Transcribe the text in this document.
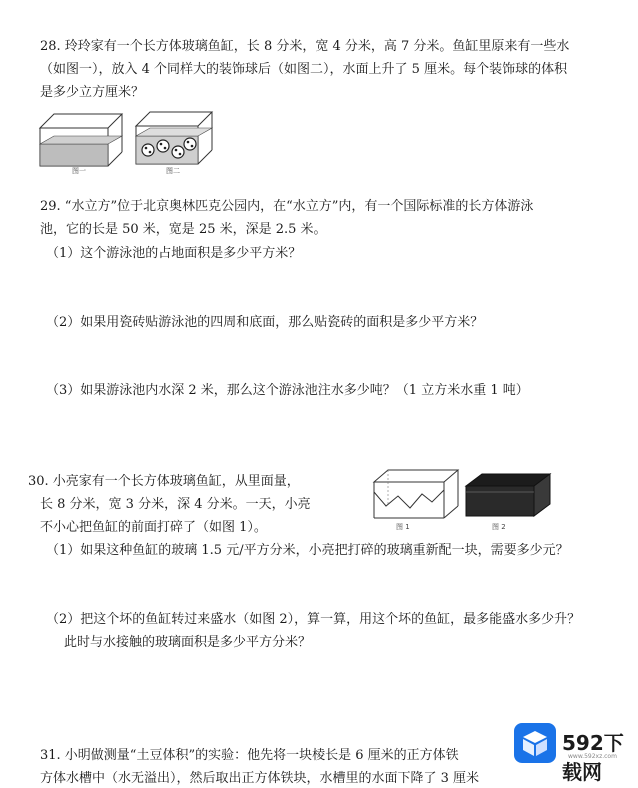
28. 玲玲家有一个长方体玻璃鱼缸，长 8 分米，宽 4 分米，高 7 分米。鱼缸里原来有一些水
（如图一），放入 4 个同样大的装饰球后（如图二），水面上升了 5 厘米。每个装饰球的体积
是多少立方厘米？
图一	图二
29. “水立方”位于北京奥林匹克公园内，在“水立方”内，有一个国际标准的长方体游泳
池，它的长是 50 米，宽是 25 米，深是 2.5 米。
（1）这个游泳池的占地面积是多少平方米？
（2）如果用瓷砖贴游泳池的四周和底面，那么贴瓷砖的面积是多少平方米？
（3）如果游泳池内水深 2 米，那么这个游泳池注水多少吨？（1 立方米水重 1 吨）
30. 小亮家有一个长方体玻璃鱼缸，从里面量，
长 8 分米，宽 3 分米，深 4 分米。一天，小亮
不小心把鱼缸的前面打碎了（如图 1）。	图 1	图 2
（1）如果这种鱼缸的玻璃 1.5 元/平方分米，小亮把打碎的玻璃重新配一块，需要多少元？
（2）把这个坏的鱼缸转过来盛水（如图 2），算一算，用这个坏的鱼缸，最多能盛水多少升？
此时与水接触的玻璃面积是多少平方分米？
31. 小明做测量“土豆体积”的实验：他先将一块棱长是 6 厘米的正方体铁
方体水槽中（水无溢出），然后取出正方体铁块，水槽里的水面下降了 3 厘米
592下载网
www.592xz.com
